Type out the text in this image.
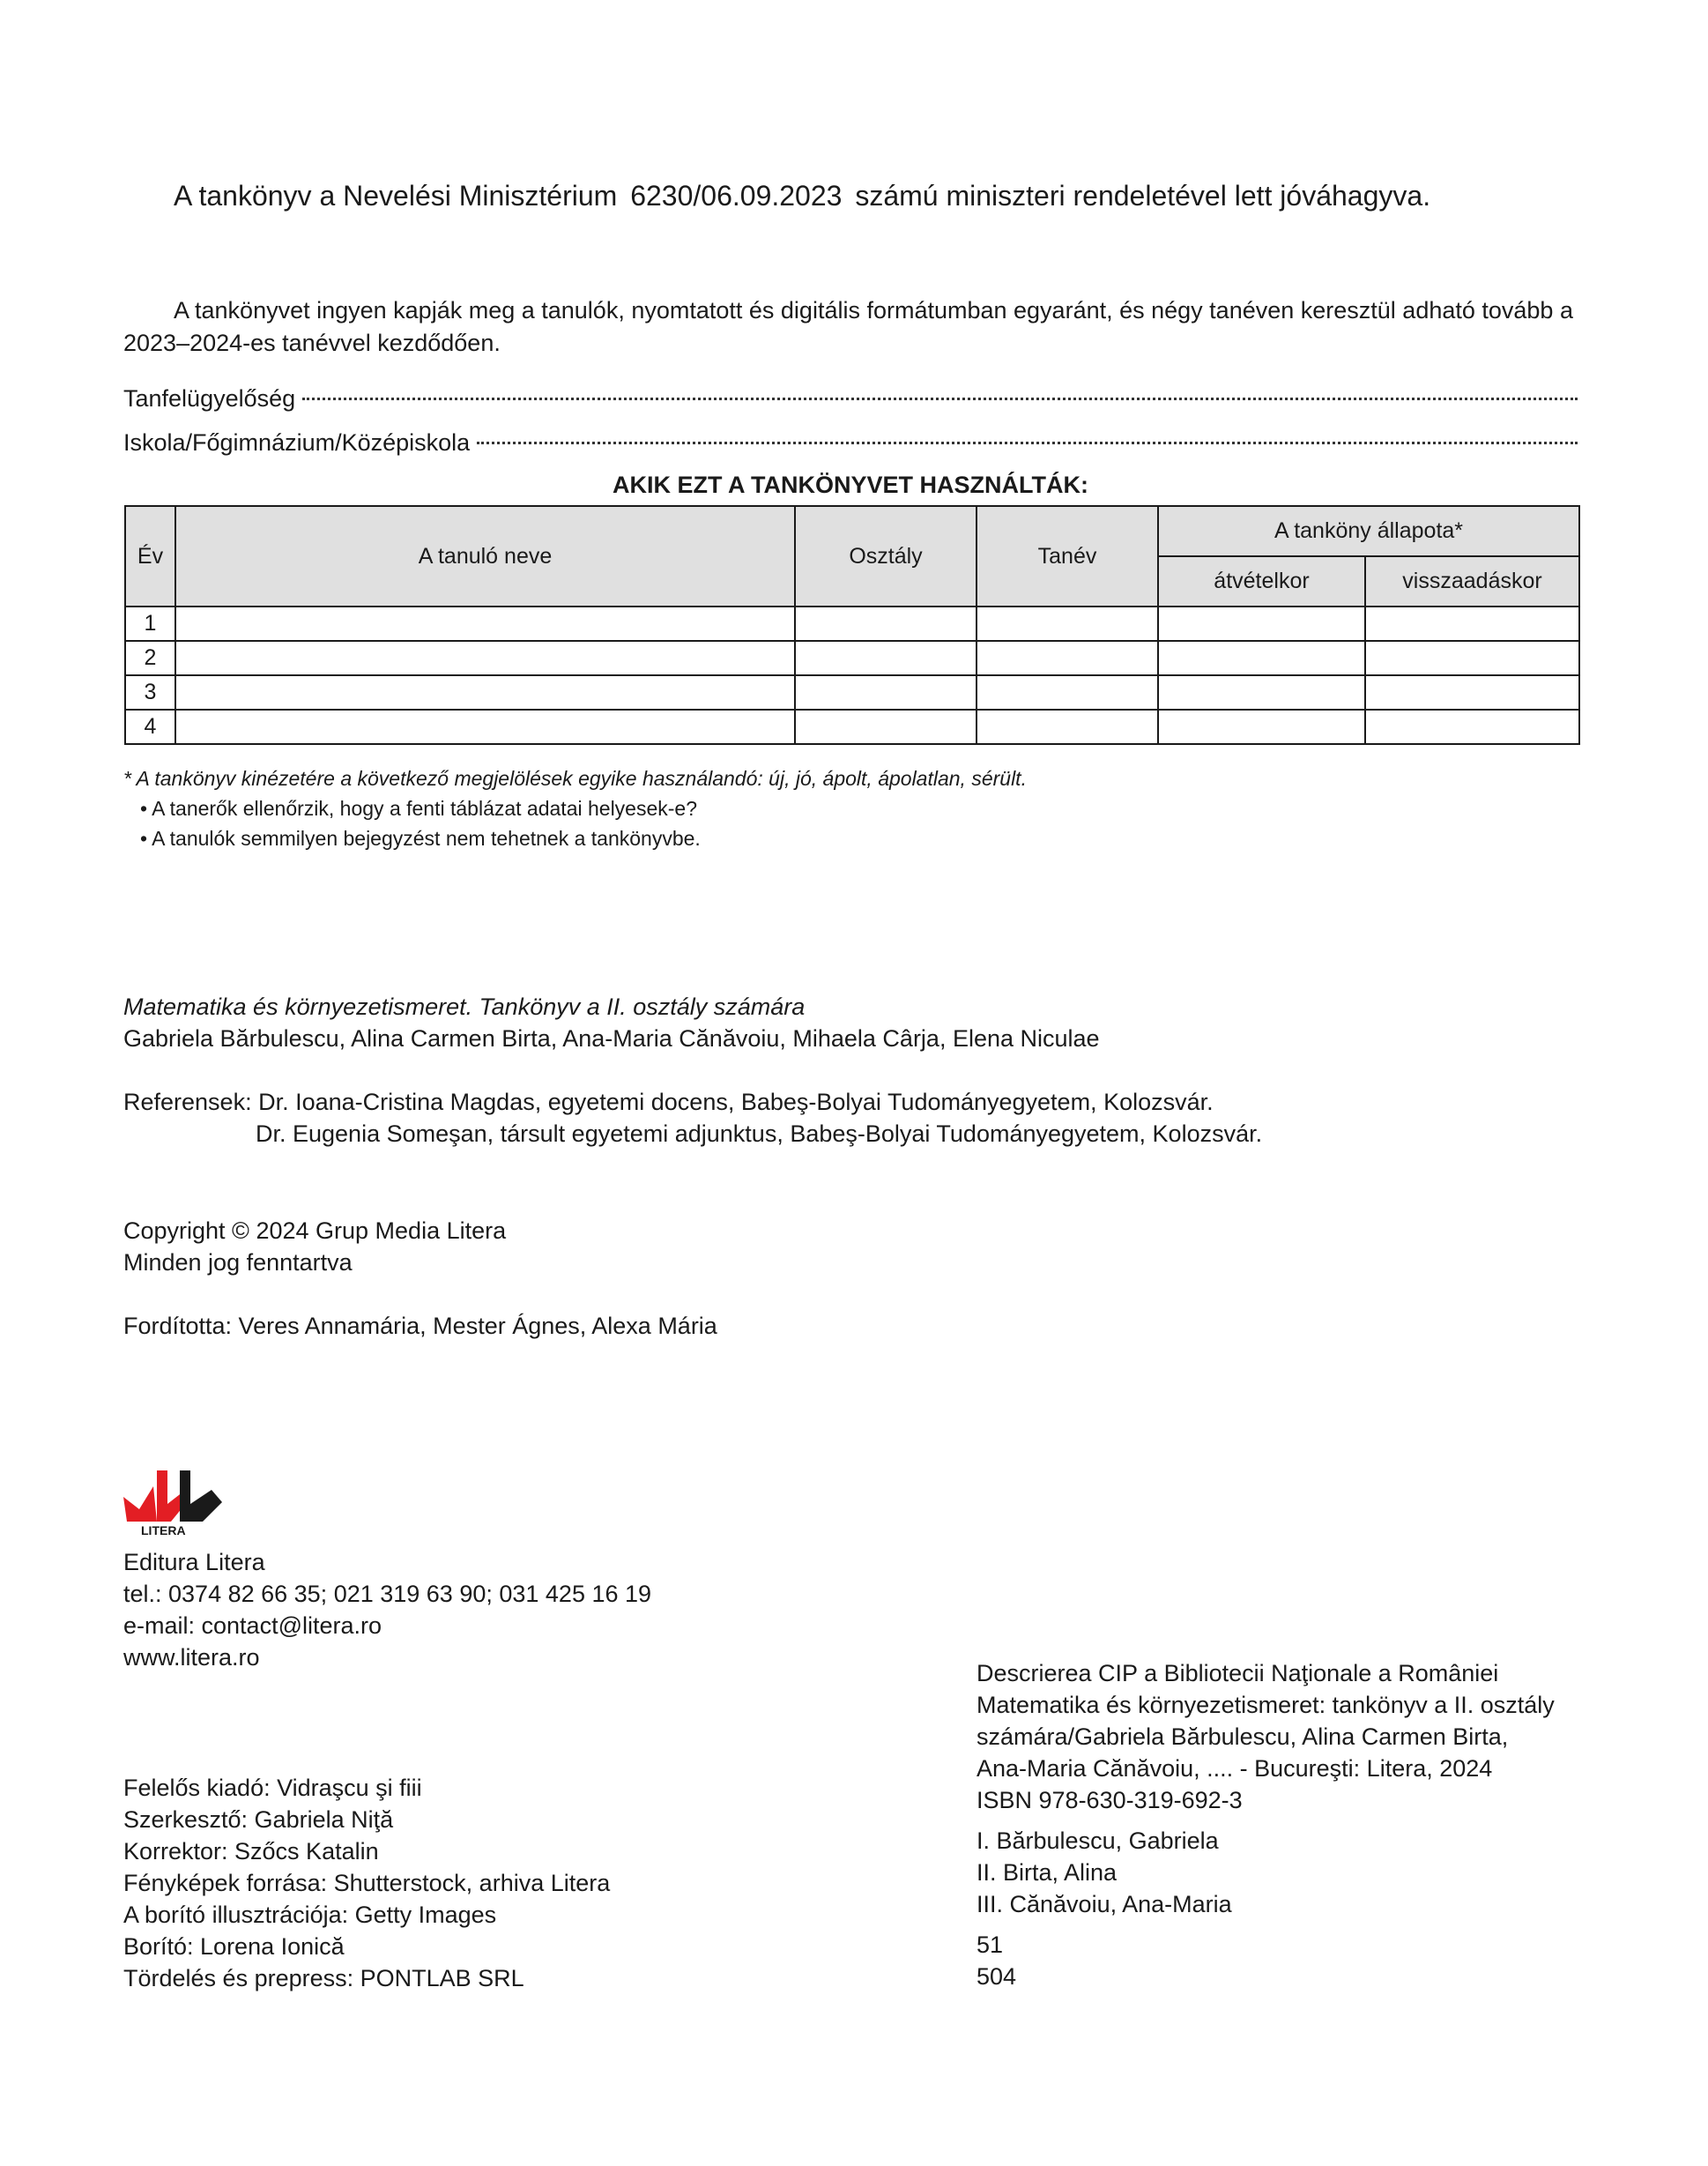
A tankönyv a Nevelési Minisztérium 6230/06.09.2023 számú miniszteri rendeletével lett jóváhagyva.
A tankönyvet ingyen kapják meg a tanulók, nyomtatott és digitális formátumban egyaránt, és négy tanéven keresztül adható tovább a 2023–2024-es tanévvel kezdődően.
Tanfelügyelőség
Iskola/Főgimnázium/Középiskola
AKIK EZT A TANKÖNYVET HASZNÁLTÁK:
Év	A tanuló neve	Osztály	Tanév	A tanköny állapota*	
				átvételkor	visszaadáskor
1					
2					
3					
4					
* A tankönyv kinézetére a következő megjelölések egyike használandó: új, jó, ápolt, ápolatlan, sérült.
• A tanerők ellenőrzik, hogy a fenti táblázat adatai helyesek-e?
• A tanulók semmilyen bejegyzést nem tehetnek a tankönyvbe.
Matematika és környezetismeret. Tankönyv a II. osztály számára
Gabriela Bărbulescu, Alina Carmen Birta, Ana-Maria Cănăvoiu, Mihaela Cârja, Elena Niculae
Referensek: Dr. Ioana-Cristina Magdas, egyetemi docens, Babeş-Bolyai Tudományegyetem, Kolozsvár.
Dr. Eugenia Someşan, társult egyetemi adjunktus, Babeş-Bolyai Tudományegyetem, Kolozsvár.
Copyright © 2024 Grup Media Litera
Minden jog fenntartva
Fordította: Veres Annamária, Mester Ágnes, Alexa Mária
LITERA
Editura Litera
tel.: 0374 82 66 35; 021 319 63 90; 031 425 16 19
e-mail: contact@litera.ro
www.litera.ro
Felelős kiadó: Vidraşcu şi fiii
Szerkesztő: Gabriela Niţă
Korrektor: Szőcs Katalin
Fényképek forrása: Shutterstock, arhiva Litera
A borító illusztrációja: Getty Images
Borító: Lorena Ionică
Tördelés és prepress: PONTLAB SRL
Descrierea CIP a Bibliotecii Naţionale a României
Matematika és környezetismeret: tankönyv a II. osztály
számára/Gabriela Bărbulescu, Alina Carmen Birta,
Ana-Maria Cănăvoiu, .... - Bucureşti: Litera, 2024
ISBN 978-630-319-692-3
I. Bărbulescu, Gabriela
II. Birta, Alina
III. Cănăvoiu, Ana-Maria
51
504
